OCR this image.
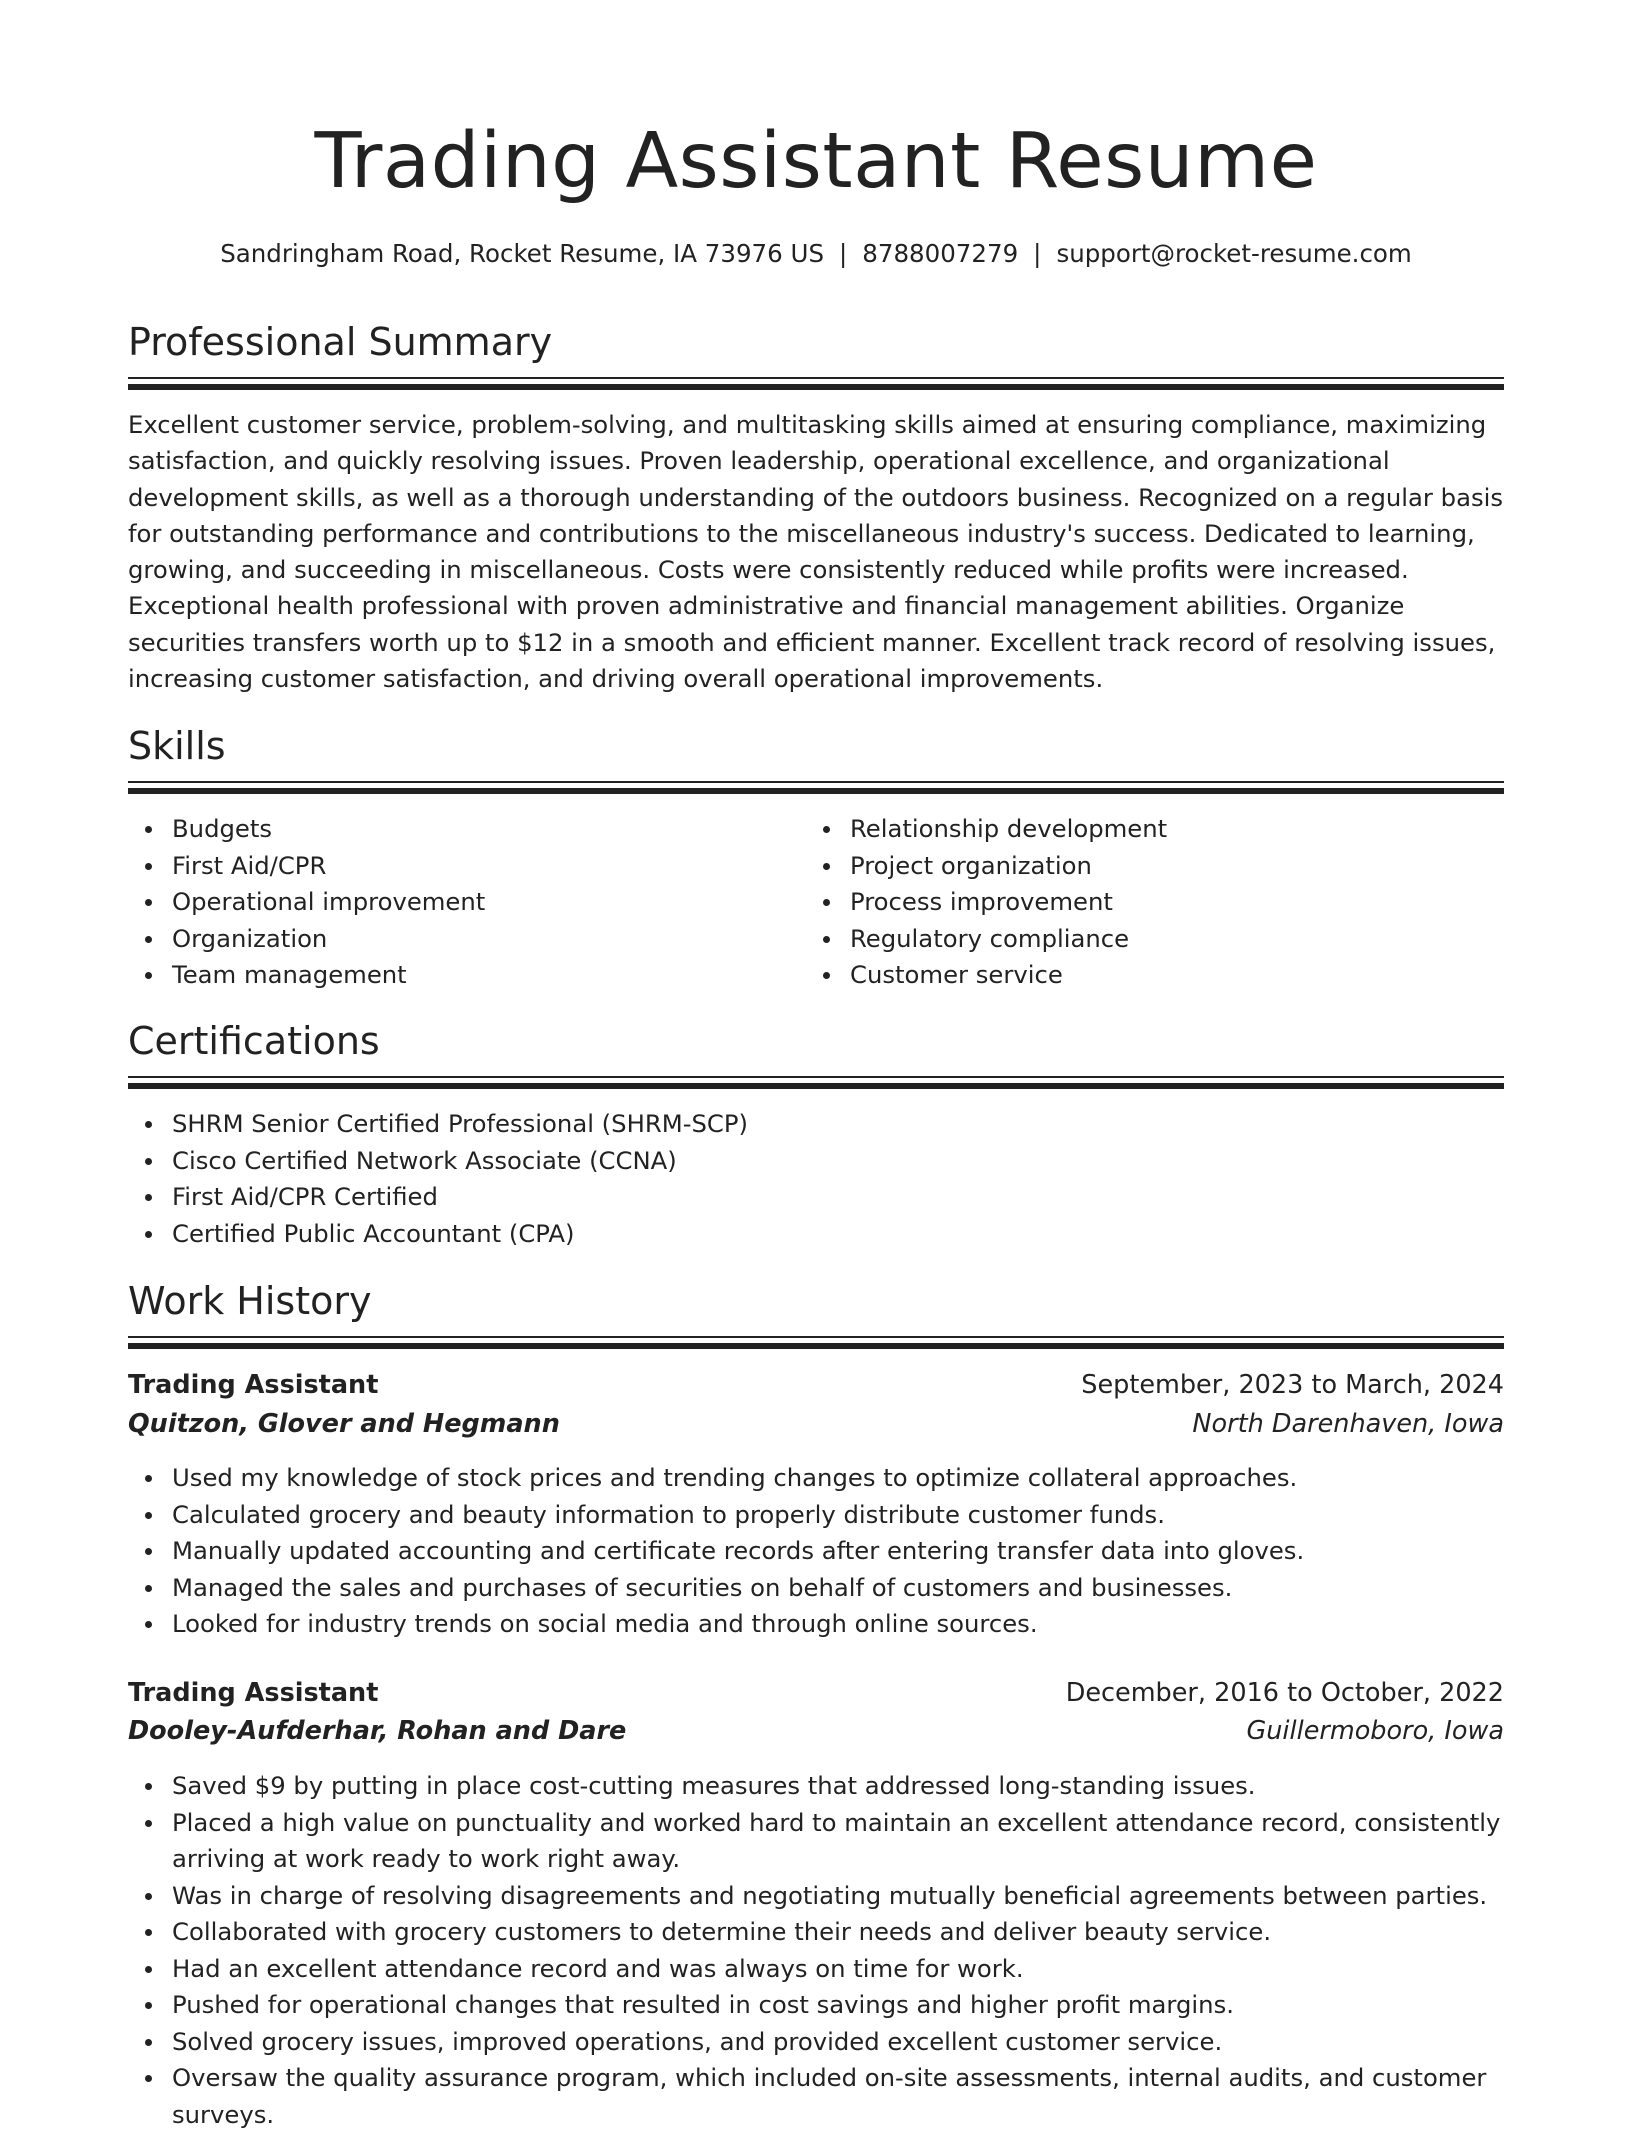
Trading Assistant Resume
Sandringham Road, Rocket Resume, IA 73976 US | 8788007279 | support@rocket-resume.com
Professional Summary

Excellent customer service, problem-solving, and multitasking skills aimed at ensuring compliance, maximizing satisfaction, and quickly resolving issues. Proven leadership, operational excellence, and organizational development skills, as well as a thorough understanding of the outdoors business. Recognized on a regular basis for outstanding performance and contributions to the miscellaneous industry's success. Dedicated to learning, growing, and succeeding in miscellaneous. Costs were consistently reduced while profits were increased. Exceptional health professional with proven administrative and financial management abilities. Organize securities transfers worth up to $12 in a smooth and efficient manner. Excellent track record of resolving issues, increasing customer satisfaction, and driving overall operational improvements.

Skills
Budgets
First Aid/CPR
Operational improvement
Organization
Team management
Relationship development
Project organization
Process improvement
Regulatory compliance
Customer service
Certifications
SHRM Senior Certified Professional (SHRM-SCP)
Cisco Certified Network Associate (CCNA)
First Aid/CPR Certified
Certified Public Accountant (CPA)
Work History
Trading Assistant	September, 2023 to March, 2024
Quitzon, Glover and Hegmann	North Darenhaven, Iowa
Used my knowledge of stock prices and trending changes to optimize collateral approaches.
Calculated grocery and beauty information to properly distribute customer funds.
Manually updated accounting and certificate records after entering transfer data into gloves.
Managed the sales and purchases of securities on behalf of customers and businesses.
Looked for industry trends on social media and through online sources.
Trading Assistant	December, 2016 to October, 2022
Dooley-Aufderhar, Rohan and Dare	Guillermoboro, Iowa
Saved $9 by putting in place cost-cutting measures that addressed long-standing issues.
Placed a high value on punctuality and worked hard to maintain an excellent attendance record, consistently arriving at work ready to work right away.
Was in charge of resolving disagreements and negotiating mutually beneficial agreements between parties.
Collaborated with grocery customers to determine their needs and deliver beauty service.
Had an excellent attendance record and was always on time for work.
Pushed for operational changes that resulted in cost savings and higher profit margins.
Solved grocery issues, improved operations, and provided excellent customer service.
Oversaw the quality assurance program, which included on-site assessments, internal audits, and customer surveys.
